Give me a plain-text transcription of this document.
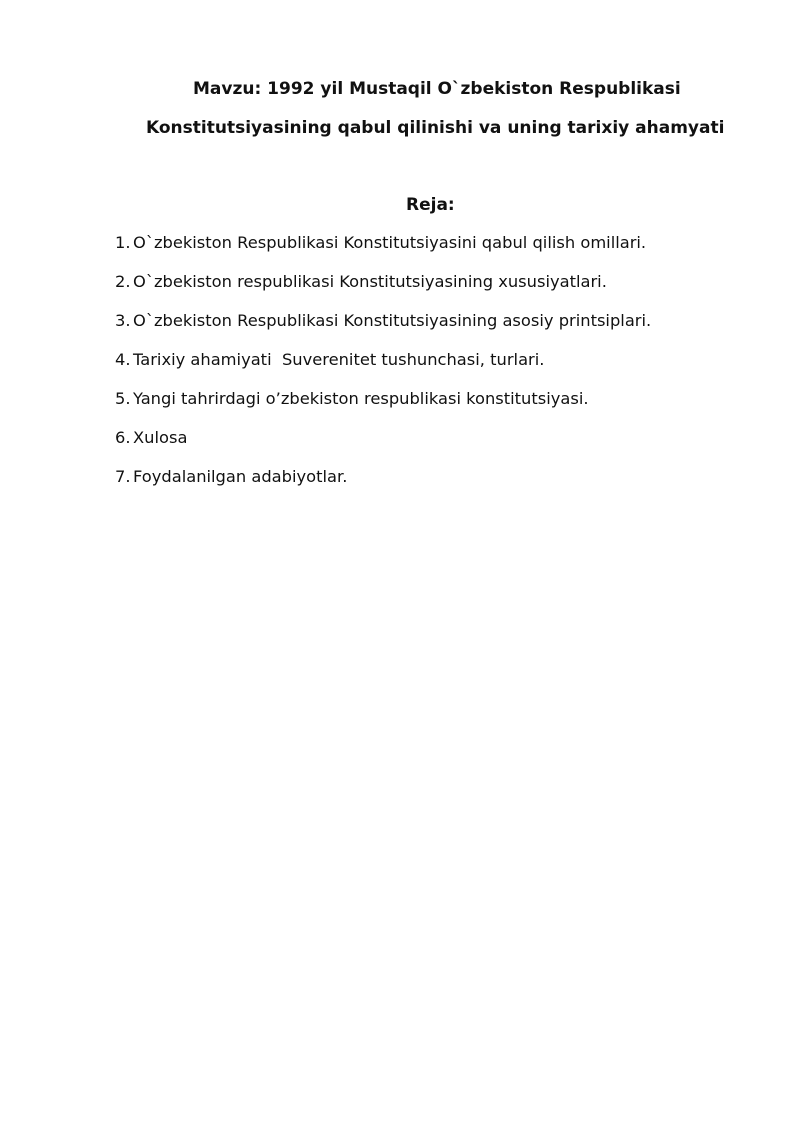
Mavzu: 1992 yil Mustaqil O`zbekiston Respublikasi
Konstitutsiyasining qabul qilinishi va uning tarixiy ahamyati
Reja:
1. O`zbekiston Respublikasi Konstitutsiyasini qabul qilish omillari.
2. O`zbekiston respublikasi Konstitutsiyasining xususiyatlari.
3. O`zbekiston Respublikasi Konstitutsiyasining asosiy printsiplari.
4. Tarixiy ahamiyati  Suverenitet tushunchasi, turlari.
5. Yangi tahrirdagi o’zbekiston respublikasi konstitutsiyasi.
6. Xulosa
7. Foydalanilgan adabiyotlar.
